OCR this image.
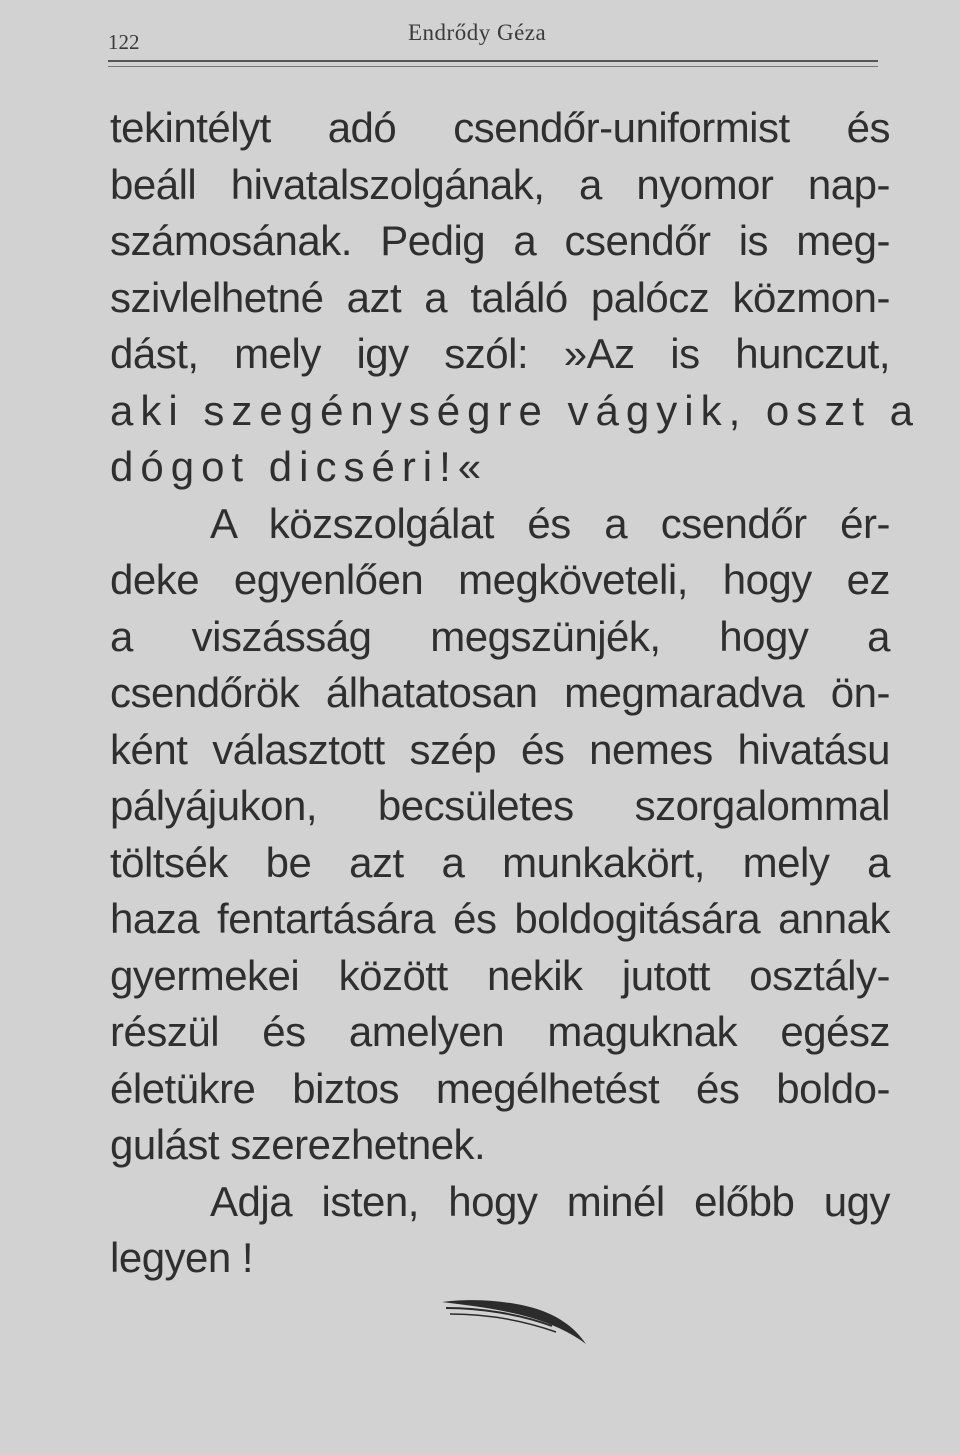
122	Endrődy Géza
tekintélyt adó csendőr-uniformist és
beáll hivatalszolgának, a nyomor nap-
számosának. Pedig a csendőr is meg-
szivlelhetné azt a találó palócz közmon-
dást, mely igy szól: »Az is hunczut,
aki szegénységre vágyik, oszt a
dógot dicséri!«
A közszolgálat és a csendőr ér-
deke egyenlően megköveteli, hogy ez
a viszásság megszünjék, hogy a
csendőrök álhatatosan megmaradva ön-
ként választott szép és nemes hivatásu
pályájukon, becsületes szorgalommal
töltsék be azt a munkakört, mely a
haza fentartására és boldogitására annak
gyermekei között nekik jutott osztály-
részül és amelyen maguknak egész
életükre biztos megélhetést és boldo-
gulást szerezhetnek.
Adja isten, hogy minél előbb ugy
legyen !
